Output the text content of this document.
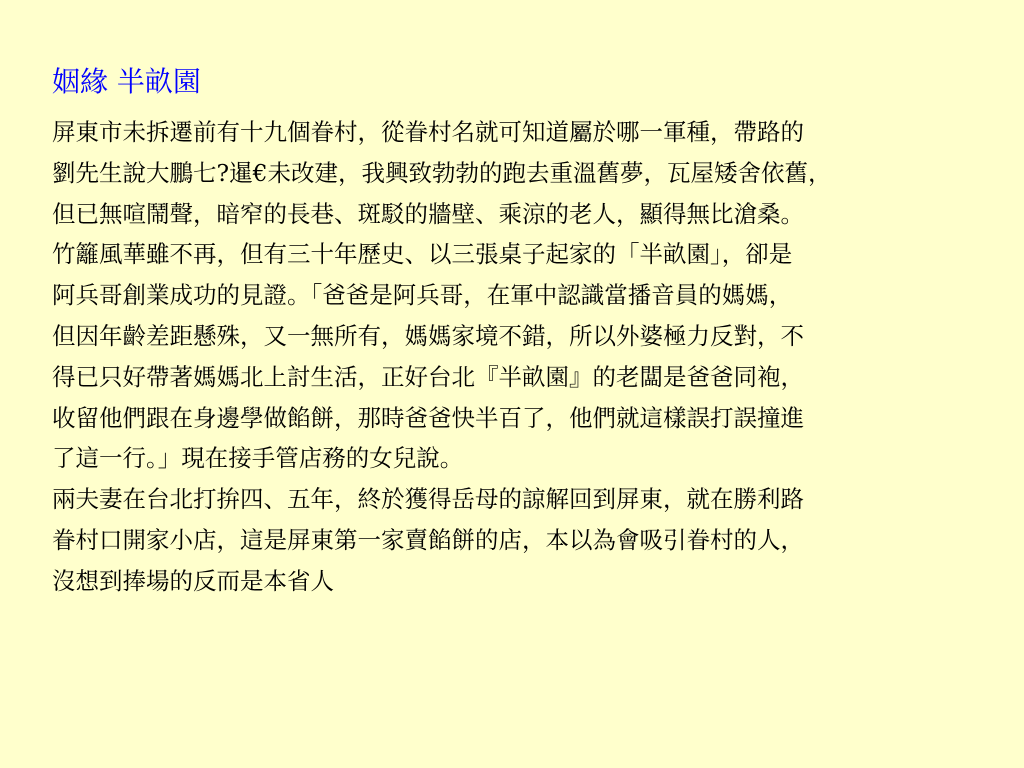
姻緣 半畝園
屏東市未拆遷前有十九個眷村，從眷村名就可知道屬於哪一軍種，帶路的
劉先生說大鵬七?暹€未改建，我興致勃勃的跑去重溫舊夢，瓦屋矮舍依舊，
但已無喧鬧聲，暗窄的長巷、斑駁的牆壁、乘涼的老人，顯得無比滄桑。
竹籬風華雖不再，但有三十年歷史、以三張桌子起家的「半畝園」，卻是
阿兵哥創業成功的見證。「爸爸是阿兵哥，在軍中認識當播音員的媽媽，
但因年齡差距懸殊，又一無所有，媽媽家境不錯，所以外婆極力反對，不
得已只好帶著媽媽北上討生活，正好台北『半畝園』的老闆是爸爸同袍，
收留他們跟在身邊學做餡餅，那時爸爸快半百了，他們就這樣誤打誤撞進
了這一行。」現在接手管店務的女兒說。
兩夫妻在台北打拚四、五年，終於獲得岳母的諒解回到屏東，就在勝利路
眷村口開家小店，這是屏東第一家賣餡餅的店，本以為會吸引眷村的人，
沒想到捧場的反而是本省人
